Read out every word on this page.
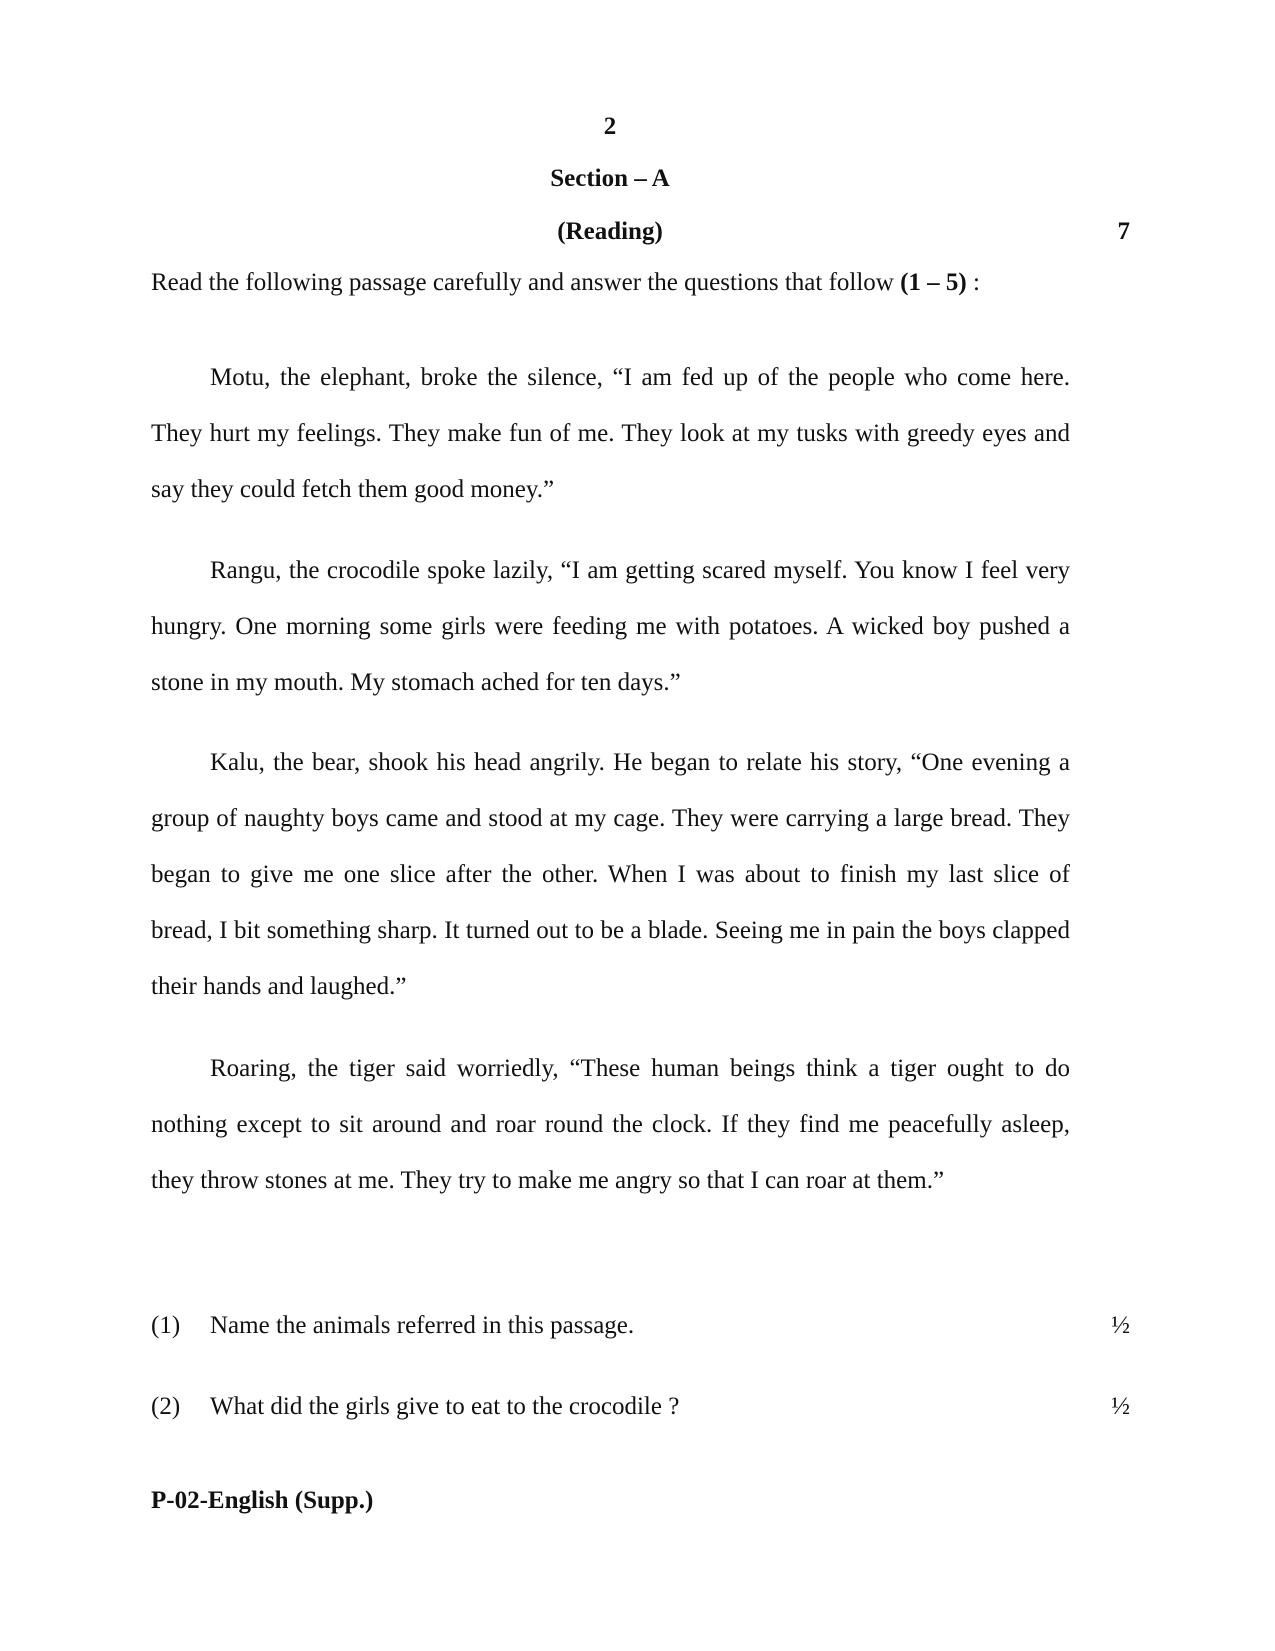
2
Section – A
(Reading)	7
Read the following passage carefully and answer the questions that follow (1 – 5) :

Motu, the elephant, broke the silence, “I am fed up of the people who come here. They hurt my feelings. They make fun of me. They look at my tusks with greedy eyes and say they could fetch them good money.”

Rangu, the crocodile spoke lazily, “I am getting scared myself. You know I feel very hungry. One morning some girls were feeding me with potatoes. A wicked boy pushed a stone in my mouth. My stomach ached for ten days.”

Kalu, the bear, shook his head angrily. He began to relate his story, “One evening a group of naughty boys came and stood at my cage. They were carrying a large bread. They began to give me one slice after the other. When I was about to finish my last slice of bread, I bit something sharp. It turned out to be a blade. Seeing me in pain the boys clapped their hands and laughed.”

Roaring, the tiger said worriedly, “These human beings think a tiger ought to do nothing except to sit around and roar round the clock. If they find me peacefully asleep, they throw stones at me. They try to make me angry so that I can roar at them.”

(1) Name the animals referred in this passage.	½
(2) What did the girls give to eat to the crocodile ?	½
P-02-English (Supp.)
